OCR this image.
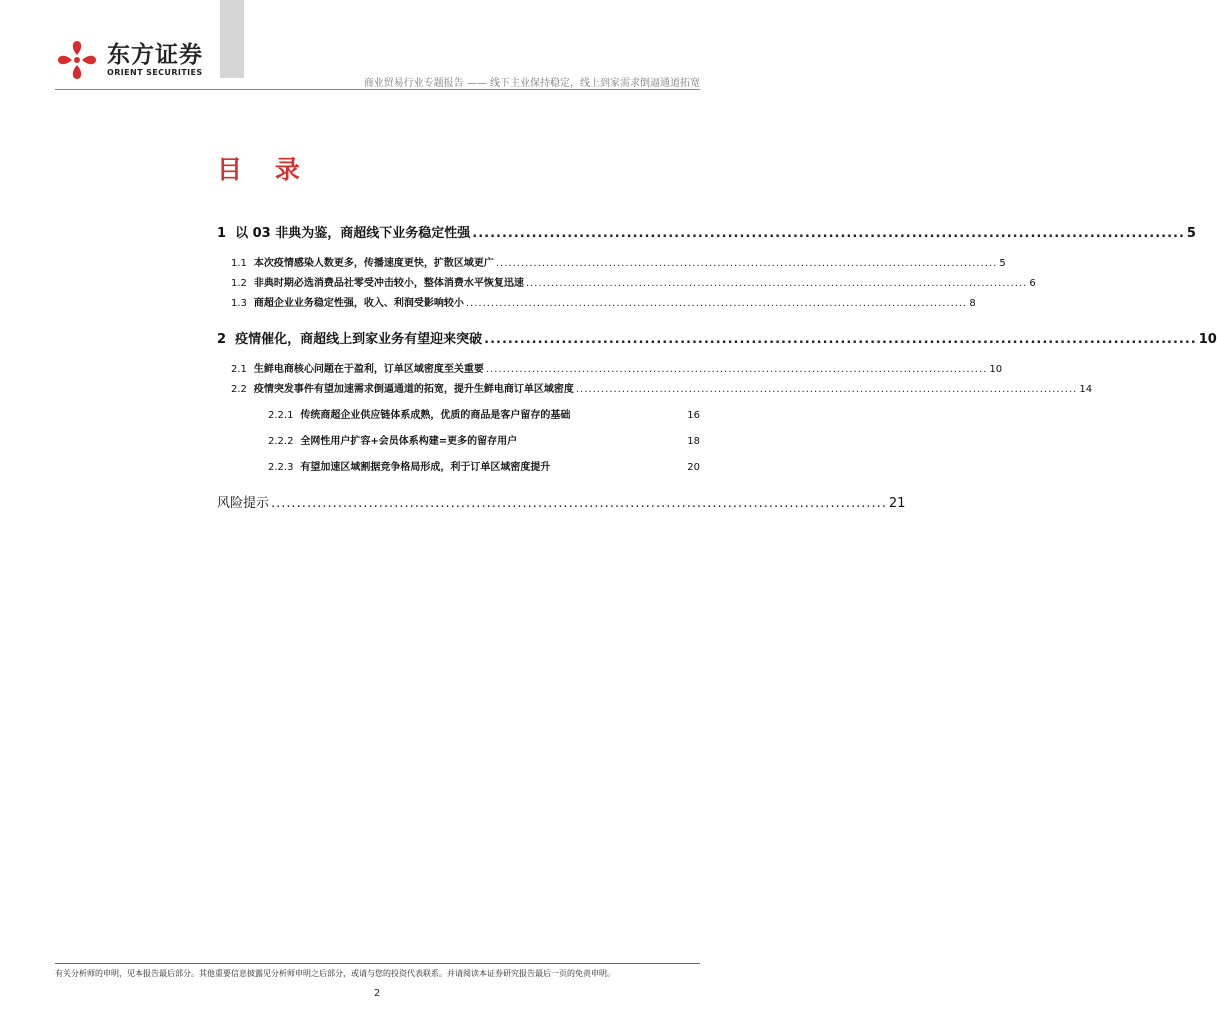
东方证券
ORIENT SECURITIES
商业贸易行业专题报告 —— 线下主业保持稳定，线上到家需求倒逼通道拓宽
目 录
1 以 03 非典为鉴，商超线下业务稳定性强 ........................................................................................................................ 5
1.1 本次疫情感染人数更多，传播速度更快，扩散区域更广 ........................................................................................................................ 5
1.2 非典时期必选消费品社零受冲击较小，整体消费水平恢复迅速 ........................................................................................................................ 6
1.3 商超企业业务稳定性强，收入、利润受影响较小 ........................................................................................................................ 8
2 疫情催化，商超线上到家业务有望迎来突破 ........................................................................................................................ 10
2.1 生鲜电商核心问题在于盈利，订单区域密度至关重要 ........................................................................................................................ 10
2.2 疫情突发事件有望加速需求倒逼通道的拓宽，提升生鲜电商订单区域密度 ........................................................................................................................ 14
2.2.1 传统商超企业供应链体系成熟，优质的商品是客户留存的基础	16
2.2.2 全网性用户扩容+会员体系构建=更多的留存用户	18
2.2.3 有望加速区域割据竞争格局形成，利于订单区域密度提升	20
风险提示 ........................................................................................................................ 21
有关分析师的申明，见本报告最后部分。其他重要信息披露见分析师申明之后部分，或请与您的投资代表联系。并请阅读本证券研究报告最后一页的免责申明。
2
